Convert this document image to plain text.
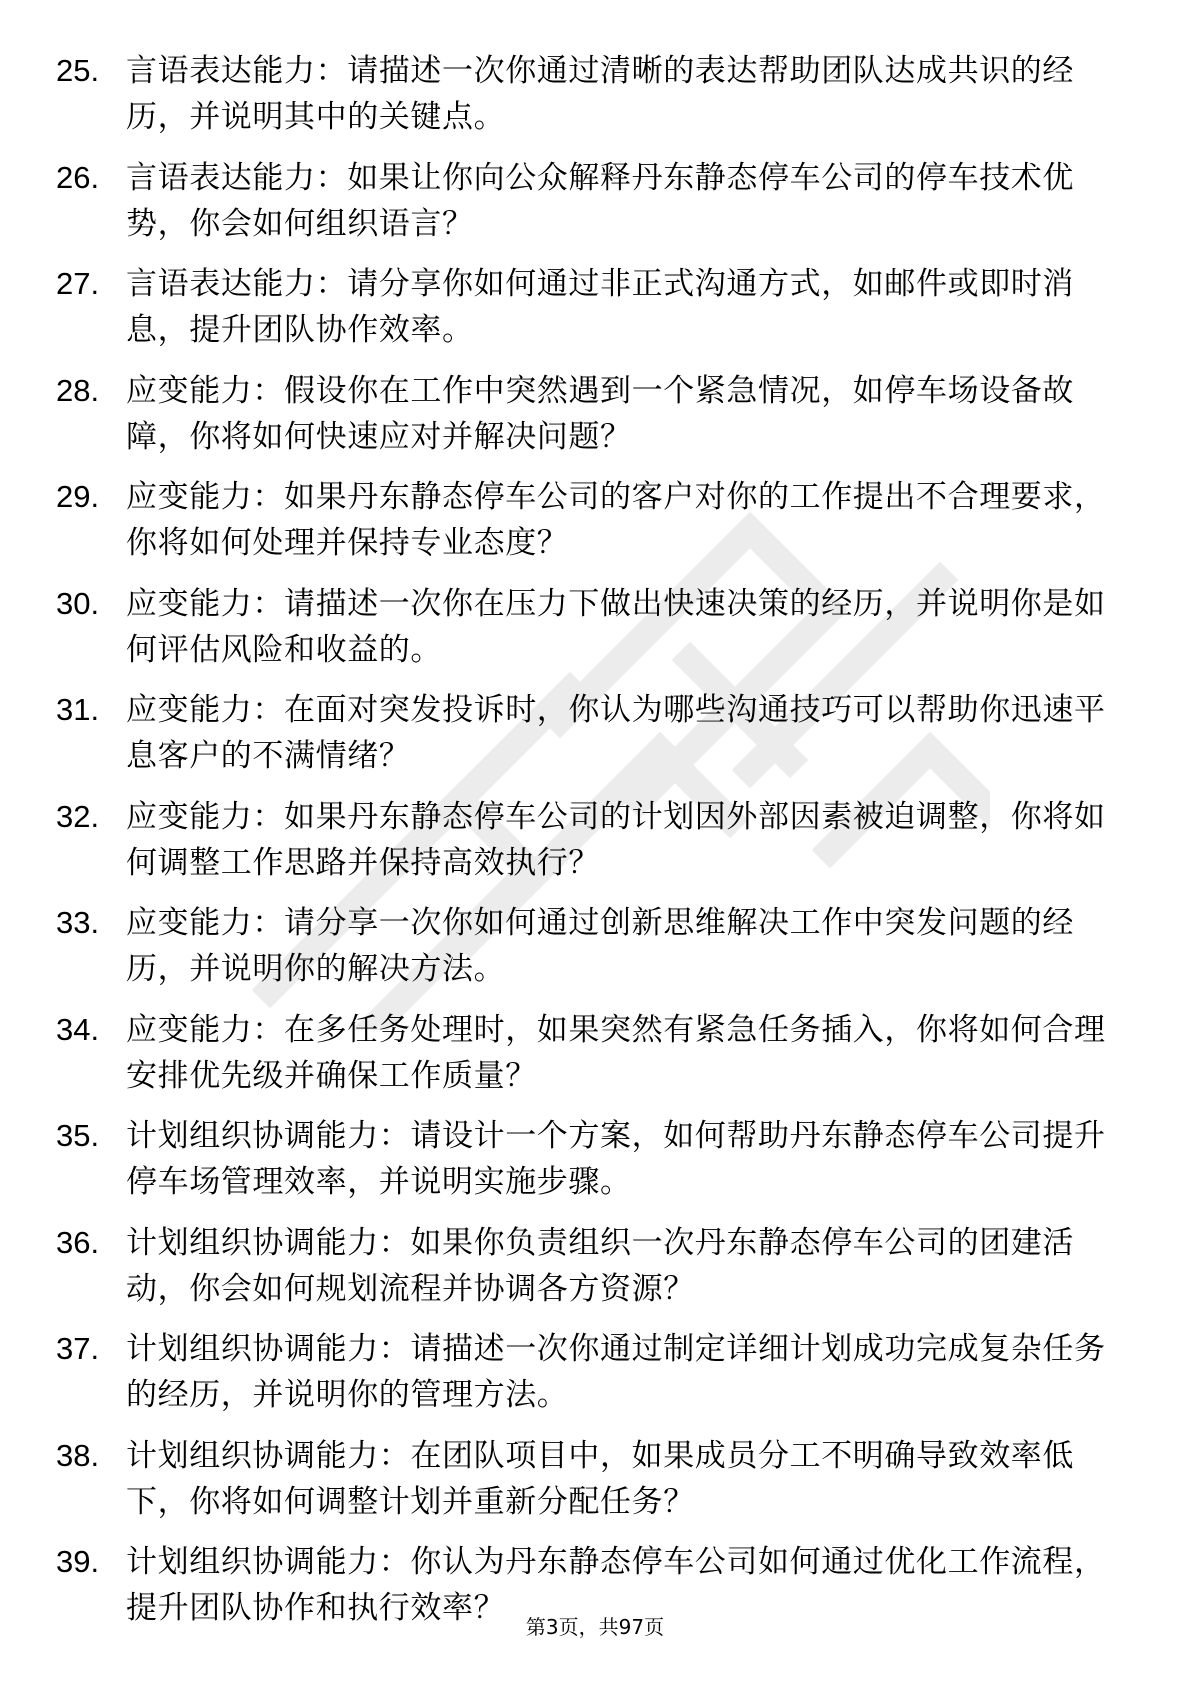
25. 言语表达能力：请描述一次你通过清晰的表达帮助团队达成共识的经历，并说明其中的关键点。
26. 言语表达能力：如果让你向公众解释丹东静态停车公司的停车技术优势，你会如何组织语言？
27. 言语表达能力：请分享你如何通过非正式沟通方式，如邮件或即时消息，提升团队协作效率。
28. 应变能力：假设你在工作中突然遇到一个紧急情况，如停车场设备故障，你将如何快速应对并解决问题？
29. 应变能力：如果丹东静态停车公司的客户对你的工作提出不合理要求，你将如何处理并保持专业态度？
30. 应变能力：请描述一次你在压力下做出快速决策的经历，并说明你是如何评估风险和收益的。
31. 应变能力：在面对突发投诉时，你认为哪些沟通技巧可以帮助你迅速平息客户的不满情绪？
32. 应变能力：如果丹东静态停车公司的计划因外部因素被迫调整，你将如何调整工作思路并保持高效执行？
33. 应变能力：请分享一次你如何通过创新思维解决工作中突发问题的经历，并说明你的解决方法。
34. 应变能力：在多任务处理时，如果突然有紧急任务插入，你将如何合理安排优先级并确保工作质量？
35. 计划组织协调能力：请设计一个方案，如何帮助丹东静态停车公司提升停车场管理效率，并说明实施步骤。
36. 计划组织协调能力：如果你负责组织一次丹东静态停车公司的团建活动，你会如何规划流程并协调各方资源？
37. 计划组织协调能力：请描述一次你通过制定详细计划成功完成复杂任务的经历，并说明你的管理方法。
38. 计划组织协调能力：在团队项目中，如果成员分工不明确导致效率低下，你将如何调整计划并重新分配任务？
39. 计划组织协调能力：你认为丹东静态停车公司如何通过优化工作流程，提升团队协作和执行效率？
第3页，共97页
